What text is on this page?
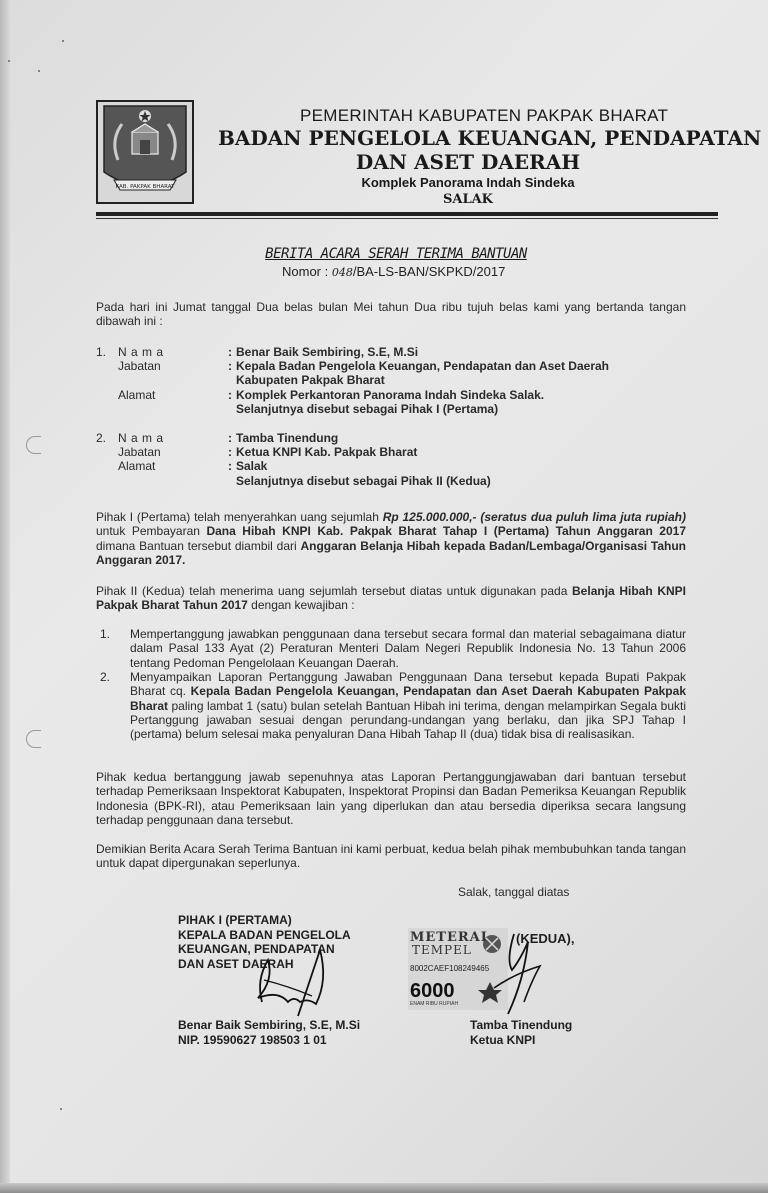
KAB. PAKPAK BHARAT
PEMERINTAH KABUPATEN PAKPAK BHARAT
BADAN PENGELOLA KEUANGAN, PENDAPATAN
DAN ASET DAERAH
Komplek Panorama Indah Sindeka
SALAK
BERITA ACARA SERAH TERIMA BANTUAN
Nomor : 048/BA-LS-BAN/SKPKD/2017
Pada hari ini Jumat tanggal Dua belas bulan Mei tahun Dua ribu tujuh belas kami yang bertanda tangan dibawah ini :
1. N a m a	: Benar Baik Sembiring, S.E, M.Si
Jabatan	: Kepala Badan Pengelola Keuangan, Pendapatan dan Aset Daerah
Kabupaten Pakpak Bharat
Alamat	: Komplek Perkantoran Panorama Indah Sindeka Salak.
Selanjutnya disebut sebagai Pihak I (Pertama)
2. N a m a	: Tamba Tinendung
Jabatan	: Ketua KNPI Kab. Pakpak Bharat
Alamat	: Salak
Selanjutnya disebut sebagai Pihak II (Kedua)
Pihak I (Pertama) telah menyerahkan uang sejumlah Rp 125.000.000,- (seratus dua puluh lima juta rupiah) untuk Pembayaran Dana Hibah KNPI Kab. Pakpak Bharat Tahap I (Pertama) Tahun Anggaran 2017 dimana Bantuan tersebut diambil dari Anggaran Belanja Hibah kepada Badan/Lembaga/Organisasi Tahun Anggaran 2017.
Pihak II (Kedua) telah menerima uang sejumlah tersebut diatas untuk digunakan pada Belanja Hibah KNPI Pakpak Bharat Tahun 2017 dengan kewajiban :
1. Mempertanggung jawabkan penggunaan dana tersebut secara formal dan material sebagaimana diatur dalam Pasal 133 Ayat (2) Peraturan Menteri Dalam Negeri Republik Indonesia No. 13 Tahun 2006 tentang Pedoman Pengelolaan Keuangan Daerah.
2. Menyampaikan Laporan Pertanggung Jawaban Penggunaan Dana tersebut kepada Bupati Pakpak Bharat cq. Kepala Badan Pengelola Keuangan, Pendapatan dan Aset Daerah Kabupaten Pakpak Bharat paling lambat 1 (satu) bulan setelah Bantuan Hibah ini terima, dengan melampirkan Segala bukti Pertanggung jawaban sesuai dengan perundang-undangan yang berlaku, dan jika SPJ Tahap I (pertama) belum selesai maka penyaluran Dana Hibah Tahap II (dua) tidak bisa di realisasikan.
Pihak kedua bertanggung jawab sepenuhnya atas Laporan Pertanggungjawaban dari bantuan tersebut terhadap Pemeriksaan Inspektorat Kabupaten, Inspektorat Propinsi dan Badan Pemeriksa Keuangan Republik Indonesia (BPK-RI), atau Pemeriksaan lain yang diperlukan dan atau bersedia diperiksa secara langsung terhadap penggunaan dana tersebut.
Demikian Berita Acara Serah Terima Bantuan ini kami perbuat, kedua belah pihak membubuhkan tanda tangan untuk dapat dipergunakan seperlunya.
Salak, tanggal diatas
PIHAK I (PERTAMA)
KEPALA BADAN PENGELOLA
KEUANGAN, PENDAPATAN
DAN ASET DAERAH
Benar Baik Sembiring, S.E, M.Si
NIP. 19590627 198503 1 01
METERAI
TEMPEL
8002CAEF108249465
6000
ENAM RIBU RUPIAH
(KEDUA),
Tamba Tinendung
Ketua KNPI
